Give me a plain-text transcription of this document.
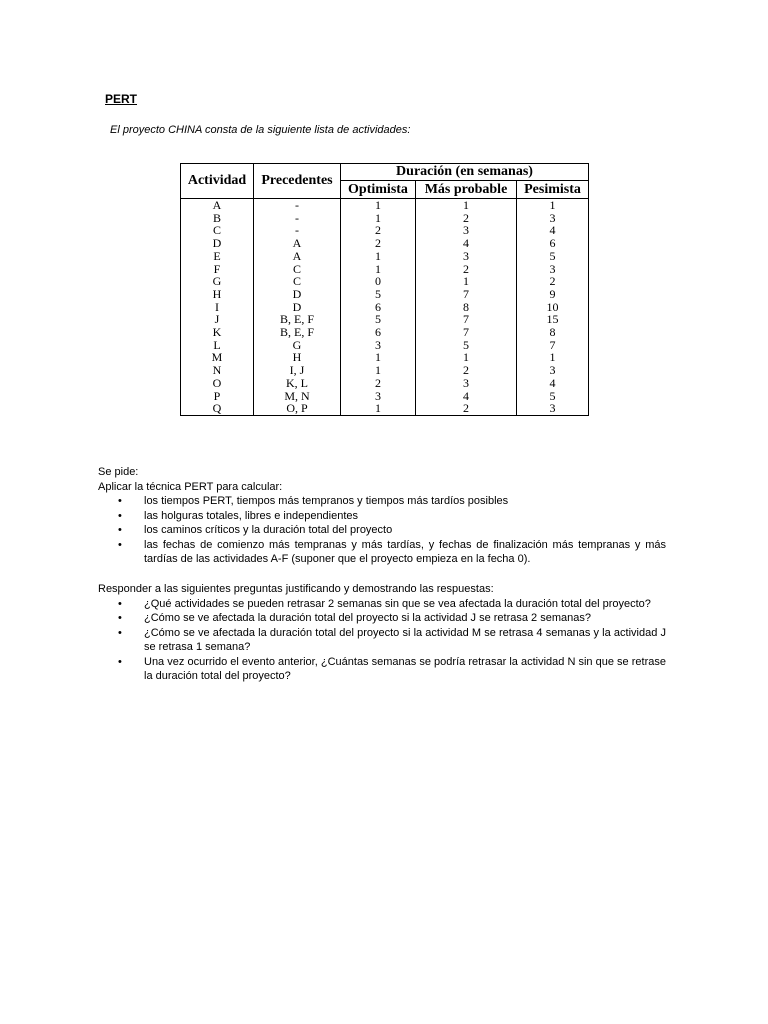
PERT

El proyecto CHINA consta de la siguiente lista de actividades:

Actividad	Precedentes	Duración (en semanas)		
		Optimista	Más probable	Pesimista
A	-	1	1	1
B	-	1	2	3
C	-	2	3	4
D	A	2	4	6
E	A	1	3	5
F	C	1	2	3
G	C	0	1	2
H	D	5	7	9
I	D	6	8	10
J	B, E, F	5	7	15
K	B, E, F	6	7	8
L	G	3	5	7
M	H	1	1	1
N	I, J	1	2	3
O	K, L	2	3	4
P	M, N	3	4	5
Q	O, P	1	2	3

Se pide:

Aplicar la técnica PERT para calcular:

• los tiempos PERT, tiempos más tempranos y tiempos más tardíos posibles
• las holguras totales, libres e independientes
• los caminos críticos y la duración total del proyecto
• las fechas de comienzo más tempranas y más tardías, y fechas de finalización más tempranas y más tardías de las actividades A-F (suponer que el proyecto empieza en la fecha 0).

Responder a las siguientes preguntas justificando y demostrando las respuestas:

• ¿Qué actividades se pueden retrasar 2 semanas sin que se vea afectada la duración total del proyecto?
• ¿Cómo se ve afectada la duración total del proyecto si la actividad J se retrasa 2 semanas?
• ¿Cómo se ve afectada la duración total del proyecto si la actividad M se retrasa 4 semanas y la actividad J se retrasa 1 semana?
• Una vez ocurrido el evento anterior, ¿Cuántas semanas se podría retrasar la actividad N sin que se retrase la duración total del proyecto?
